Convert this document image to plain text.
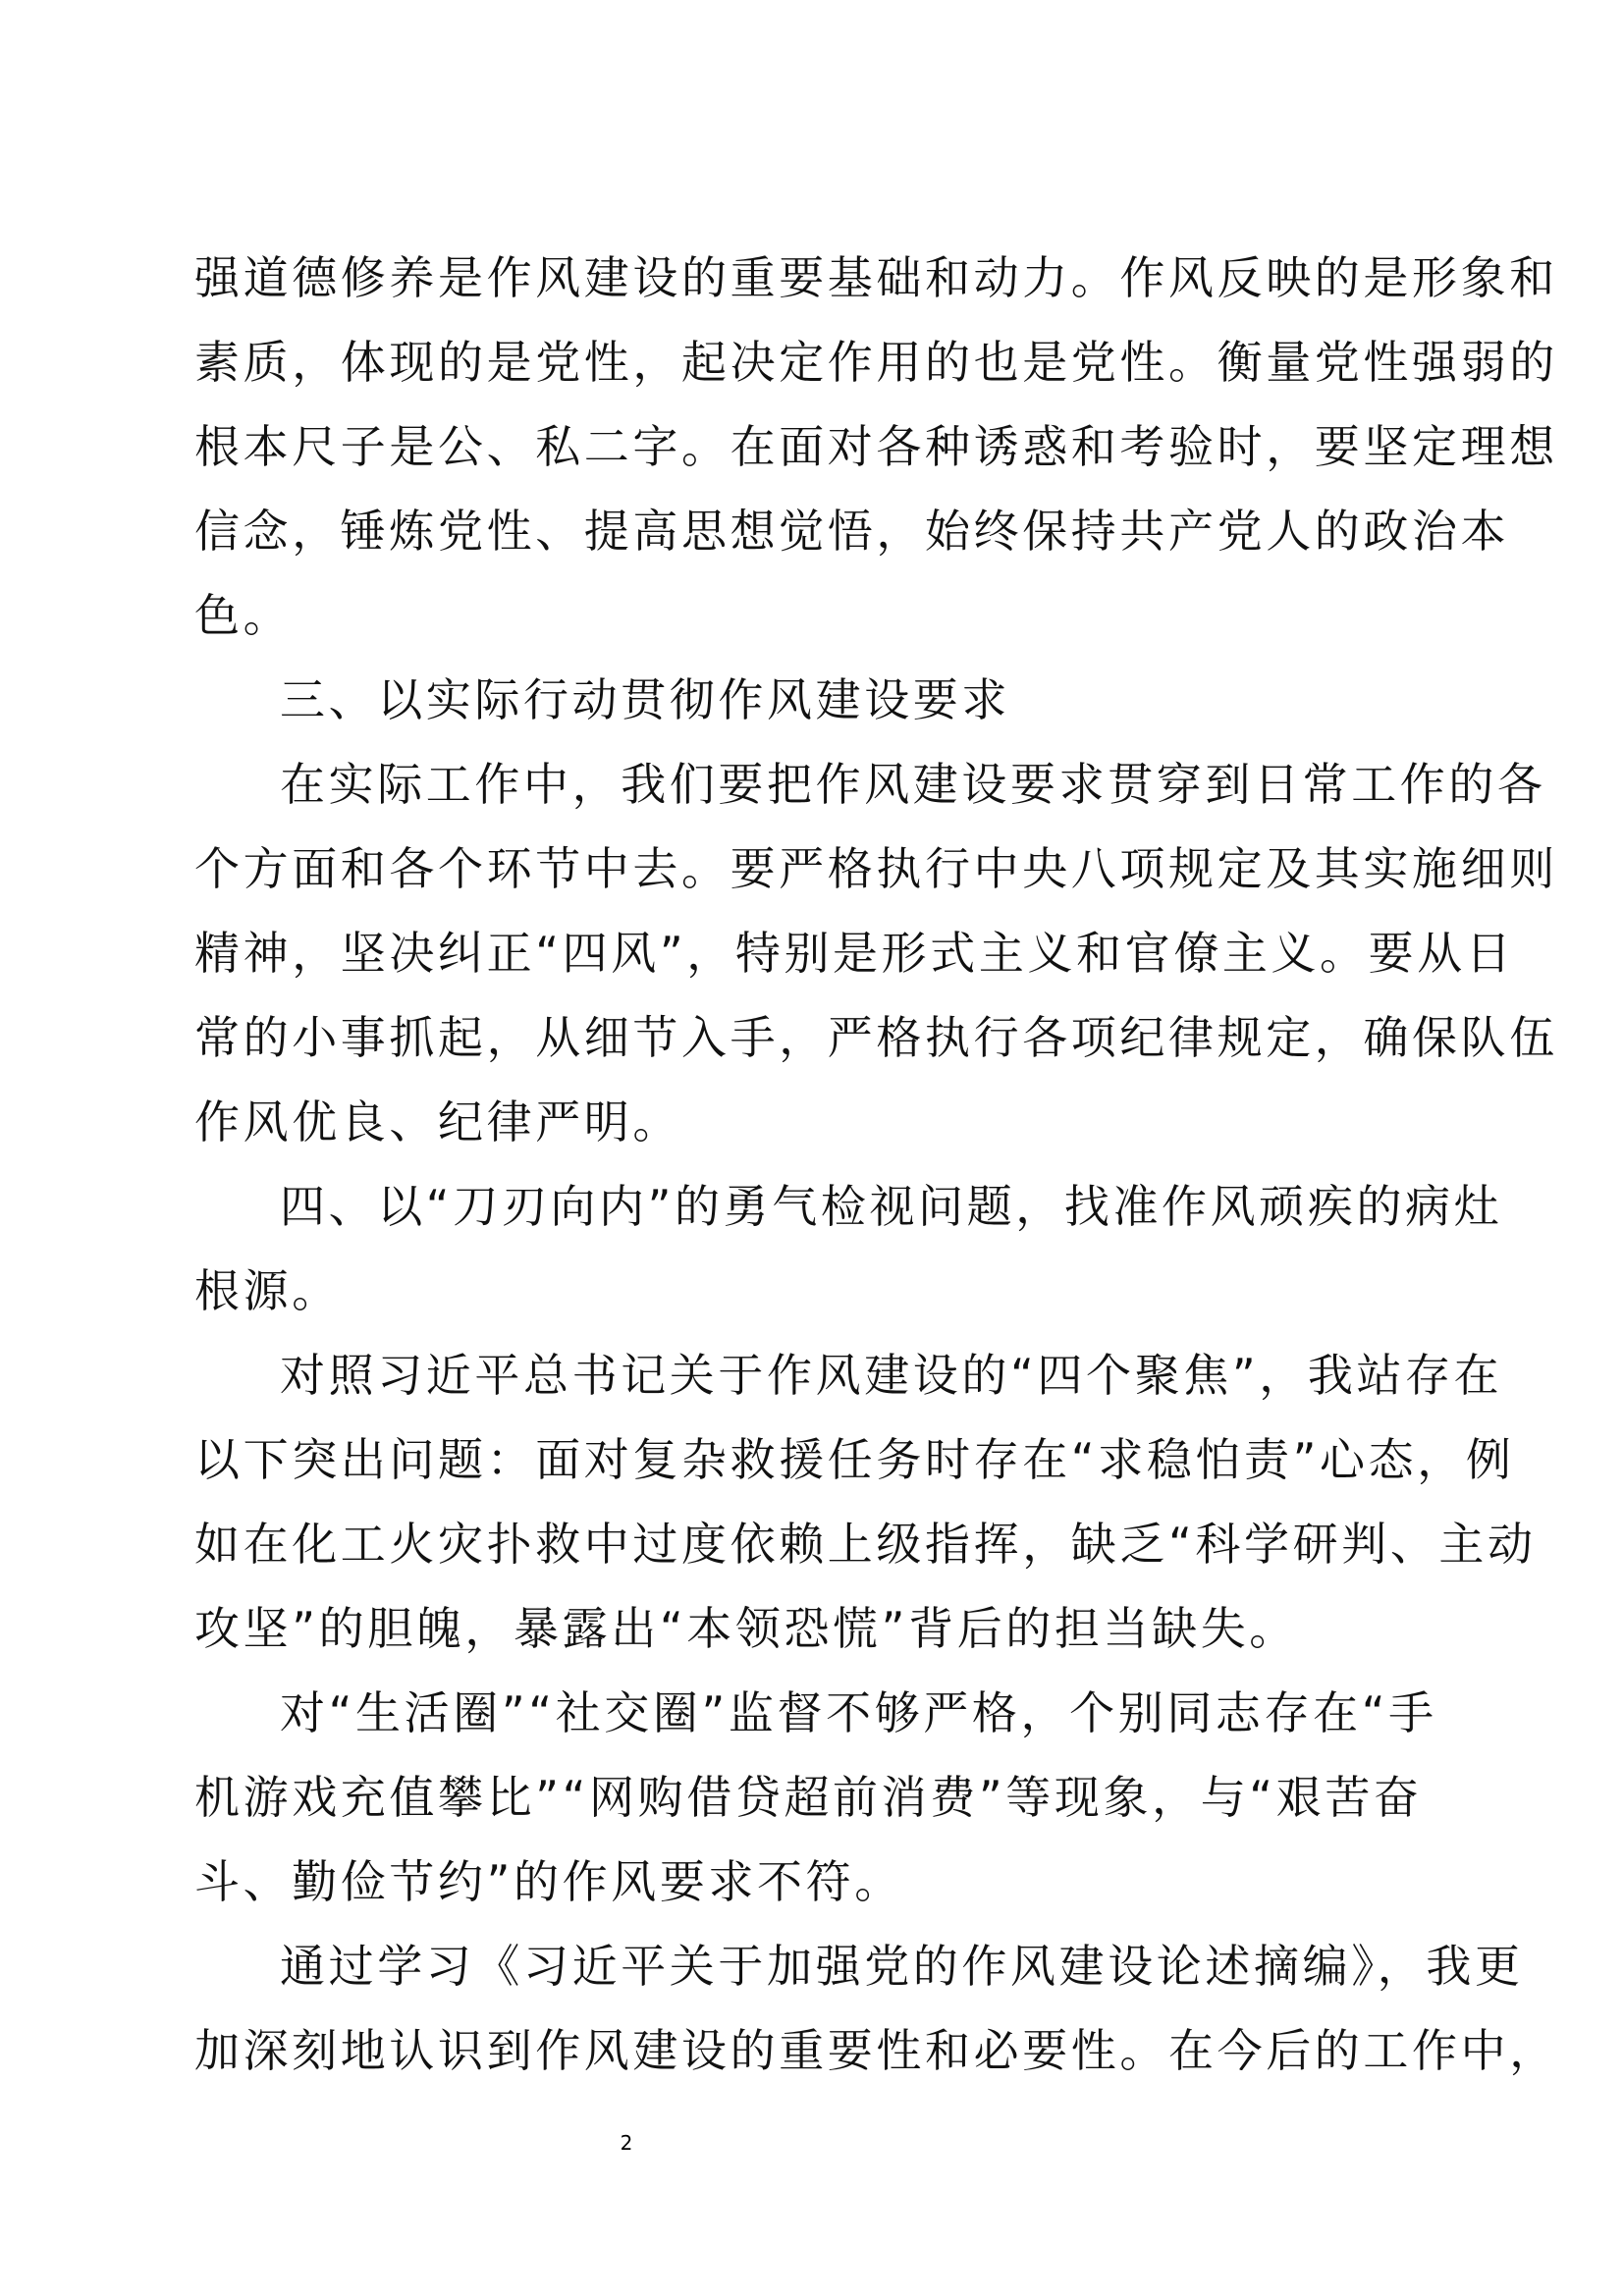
强道德修养是作风建设的重要基础和动力。作风反映的是形象和
素质，体现的是党性，起决定作用的也是党性。衡量党性强弱的
根本尺子是公、私二字。在面对各种诱惑和考验时，要坚定理想
信念，锤炼党性、提高思想觉悟，始终保持共产党人的政治本
色。
三、以实际行动贯彻作风建设要求
在实际工作中，我们要把作风建设要求贯穿到日常工作的各
个方面和各个环节中去。要严格执行中央八项规定及其实施细则
精神，坚决纠正“四风”，特别是形式主义和官僚主义。要从日
常的小事抓起，从细节入手，严格执行各项纪律规定，确保队伍
作风优良、纪律严明。
四、以“刀刃向内”的勇气检视问题，找准作风顽疾的病灶
根源。
对照习近平总书记关于作风建设的“四个聚焦”，我站存在
以下突出问题：面对复杂救援任务时存在“求稳怕责”心态，例
如在化工火灾扑救中过度依赖上级指挥，缺乏“科学研判、主动
攻坚”的胆魄，暴露出“本领恐慌”背后的担当缺失。
对“生活圈”“社交圈”监督不够严格，个别同志存在“手
机游戏充值攀比”“网购借贷超前消费”等现象，与“艰苦奋
斗、勤俭节约”的作风要求不符。
通过学习《习近平关于加强党的作风建设论述摘编》，我更
加深刻地认识到作风建设的重要性和必要性。在今后的工作中，
2
